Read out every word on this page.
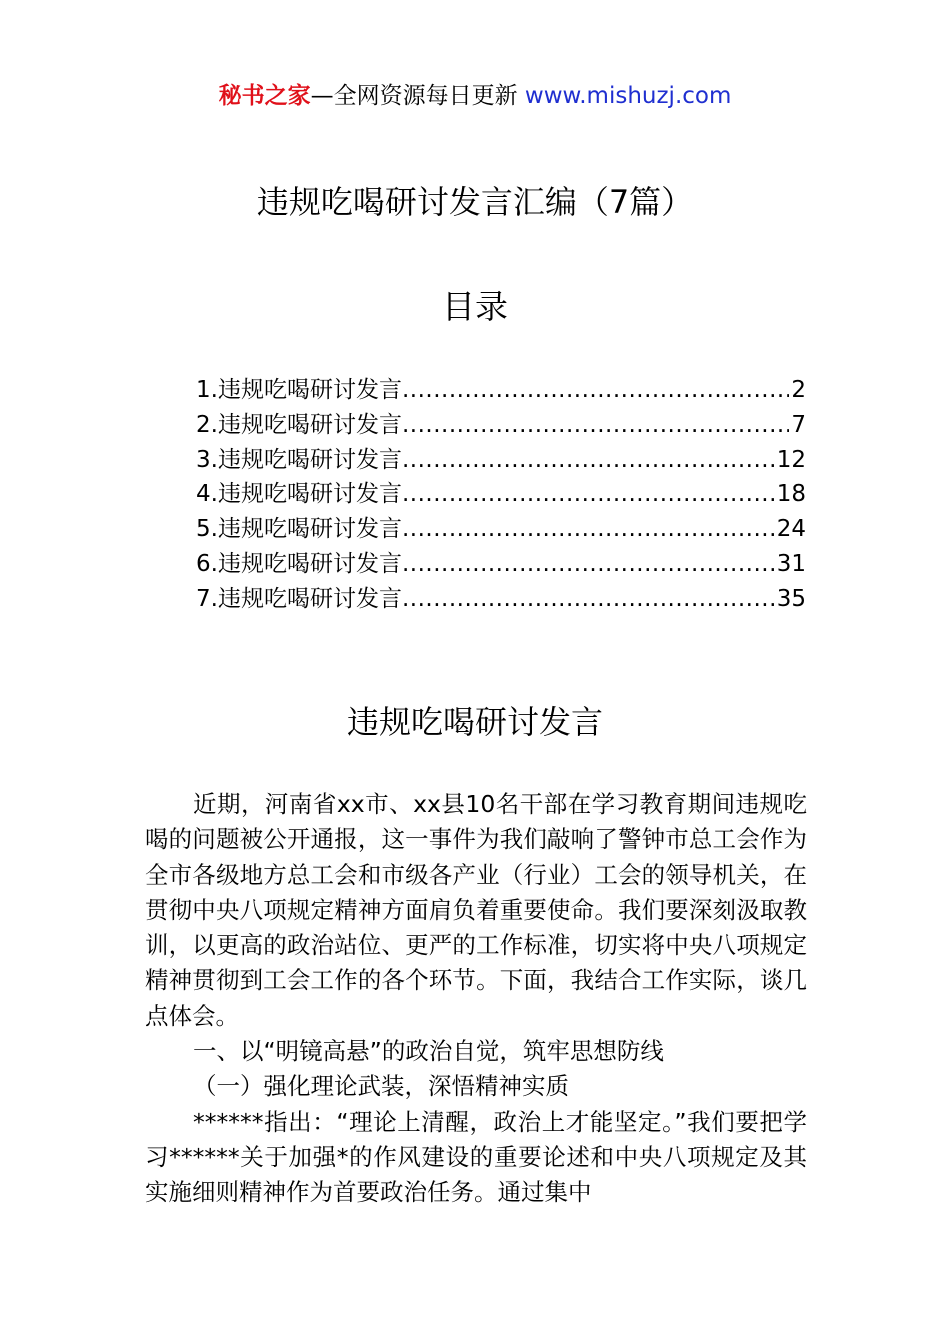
秘书之家—全网资源每日更新 www.mishuzj.com
违规吃喝研讨发言汇编（7篇）
目录
1.违规吃喝研讨发言 .....	2
2.违规吃喝研讨发言 .....	7
3.违规吃喝研讨发言 .....	12
4.违规吃喝研讨发言 .....	18
5.违规吃喝研讨发言 .....	24
6.违规吃喝研讨发言 .....	31
7.违规吃喝研讨发言 .....	35
违规吃喝研讨发言

近期，河南省xx市、xx县10名干部在学习教育期间违规吃喝的问题被公开通报，这一事件为我们敲响了警钟市总工会作为全市各级地方总工会和市级各产业（行业）工会的领导机关，在贯彻中央八项规定精神方面肩负着重要使命。我们要深刻汲取教训，以更高的政治站位、更严的工作标准，切实将中央八项规定精神贯彻到工会工作的各个环节。下面，我结合工作实际，谈几点体会。

一、以“明镜高悬”的政治自觉，筑牢思想防线

（一）强化理论武装，深悟精神实质

******指出：“理论上清醒，政治上才能坚定。”我们要把学习******关于加强*的作风建设的重要论述和中央八项规定及其实施细则精神作为首要政治任务。通过集中
